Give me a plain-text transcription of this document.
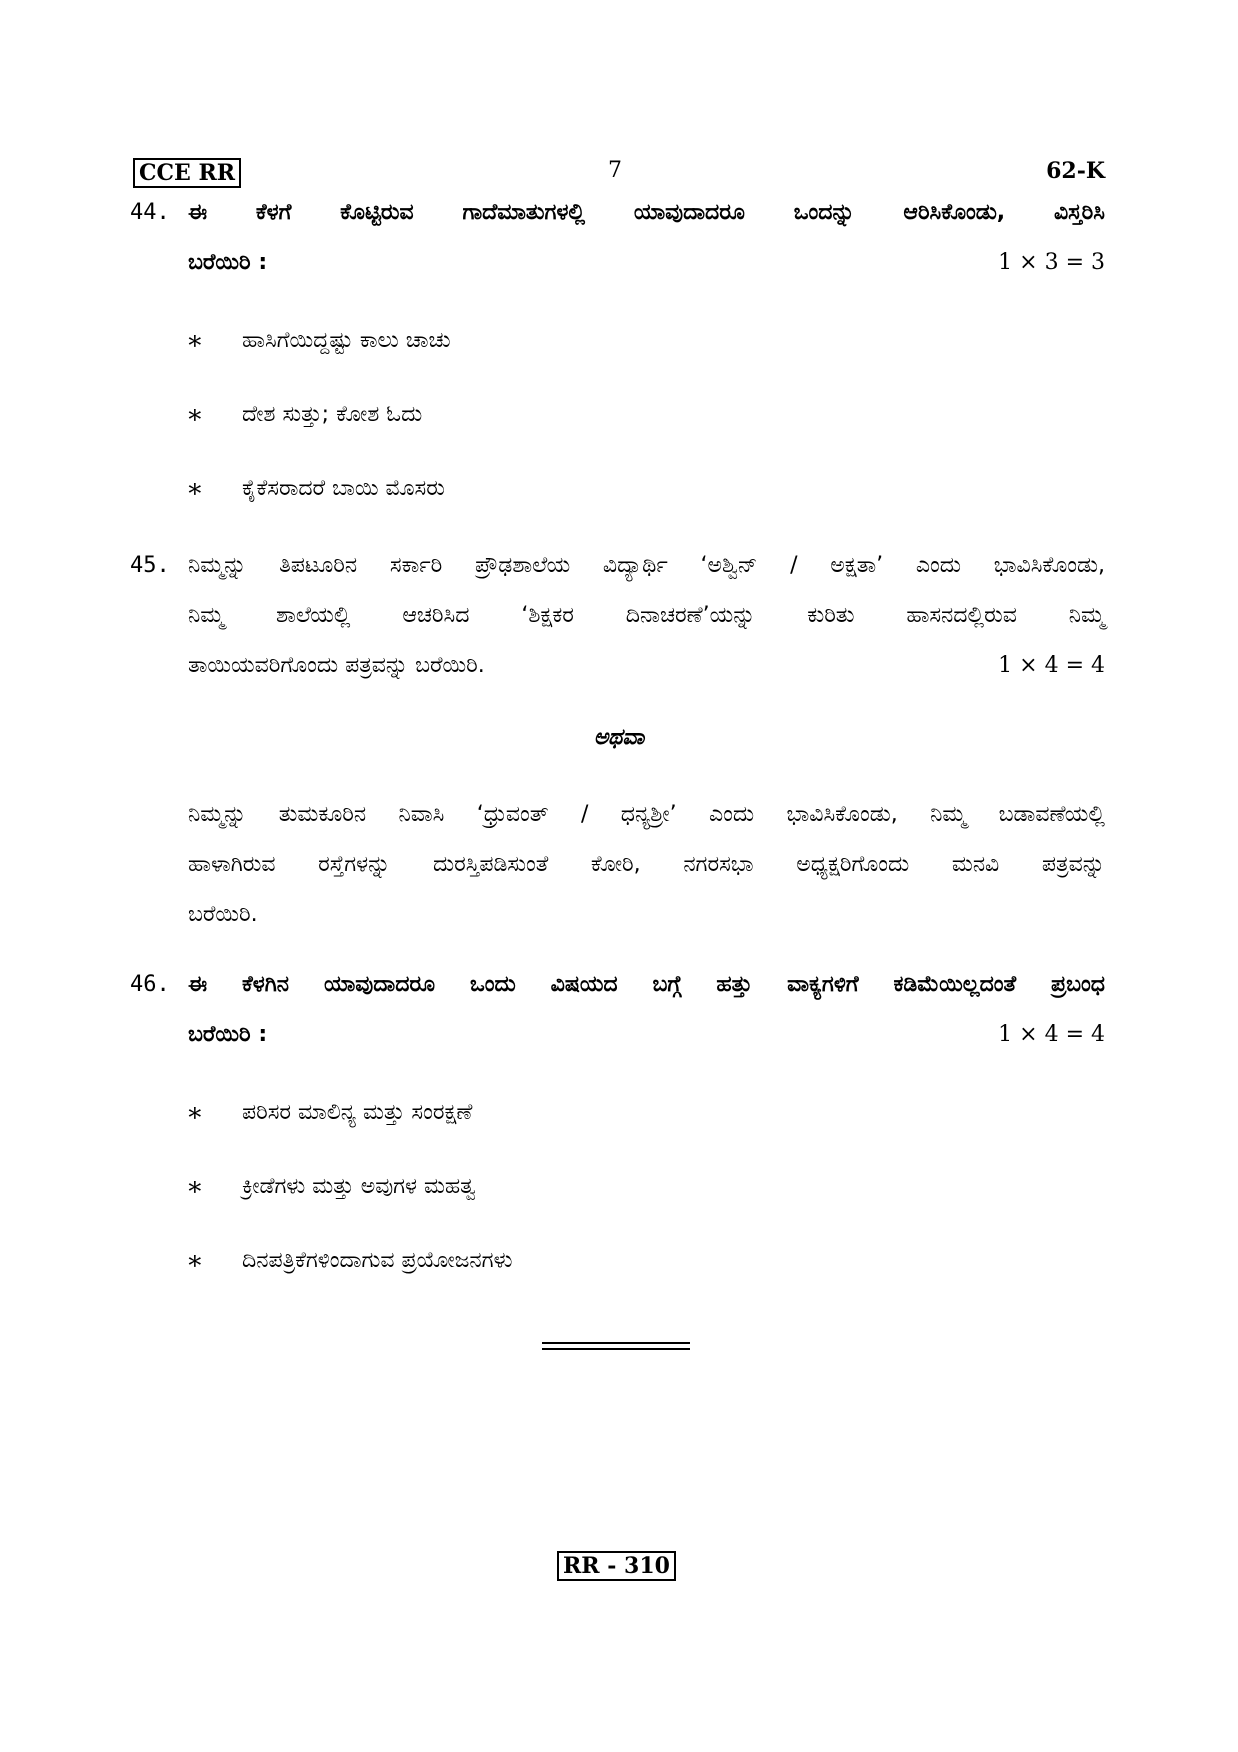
CCE RR	7	62-K
44. ಈ ಕೆಳಗೆ ಕೊಟ್ಟಿರುವ ಗಾದೆಮಾತುಗಳಲ್ಲಿ ಯಾವುದಾದರೂ ಒಂದನ್ನು ಆರಿಸಿಕೊಂಡು, ವಿಸ್ತರಿಸಿ
ಬರೆಯಿರಿ :	1 × 3 = 3
∗ ಹಾಸಿಗೆಯಿದ್ದಷ್ಟು ಕಾಲು ಚಾಚು
∗ ದೇಶ ಸುತ್ತು; ಕೋಶ ಓದು
∗ ಕೈಕೆಸರಾದರೆ ಬಾಯಿ ಮೊಸರು
45. ನಿಮ್ಮನ್ನು ತಿಪಟೂರಿನ ಸರ್ಕಾರಿ ಪ್ರೌಢಶಾಲೆಯ ವಿದ್ಯಾರ್ಥಿ ‘ಅಶ್ವಿನ್ / ಅಕ್ಷತಾ’ ಎಂದು ಭಾವಿಸಿಕೊಂಡು,
ನಿಮ್ಮ ಶಾಲೆಯಲ್ಲಿ ಆಚರಿಸಿದ ‘ಶಿಕ್ಷಕರ ದಿನಾಚರಣೆ’ಯನ್ನು ಕುರಿತು ಹಾಸನದಲ್ಲಿರುವ ನಿಮ್ಮ
ತಾಯಿಯವರಿಗೊಂದು ಪತ್ರವನ್ನು ಬರೆಯಿರಿ.	1 × 4 = 4
ಅಥವಾ
ನಿಮ್ಮನ್ನು ತುಮಕೂರಿನ ನಿವಾಸಿ ‘ಧ್ರುವಂತ್ / ಧನ್ಯಶ್ರೀ’ ಎಂದು ಭಾವಿಸಿಕೊಂಡು, ನಿಮ್ಮ ಬಡಾವಣೆಯಲ್ಲಿ
ಹಾಳಾಗಿರುವ ರಸ್ತೆಗಳನ್ನು ದುರಸ್ತಿಪಡಿಸುಂತೆ ಕೋರಿ, ನಗರಸಭಾ ಅಧ್ಯಕ್ಷರಿಗೊಂದು ಮನವಿ ಪತ್ರವನ್ನು
ಬರೆಯಿರಿ.
46. ಈ ಕೆಳಗಿನ ಯಾವುದಾದರೂ ಒಂದು ವಿಷಯದ ಬಗ್ಗೆ ಹತ್ತು ವಾಕ್ಯಗಳಿಗೆ ಕಡಿಮೆಯಿಲ್ಲದಂತೆ ಪ್ರಬಂಧ
ಬರೆಯಿರಿ :	1 × 4 = 4
∗ ಪರಿಸರ ಮಾಲಿನ್ಯ ಮತ್ತು ಸಂರಕ್ಷಣೆ
∗ ಕ್ರೀಡೆಗಳು ಮತ್ತು ಅವುಗಳ ಮಹತ್ವ
∗ ದಿನಪತ್ರಿಕೆಗಳಿಂದಾಗುವ ಪ್ರಯೋಜನಗಳು
RR - 310
